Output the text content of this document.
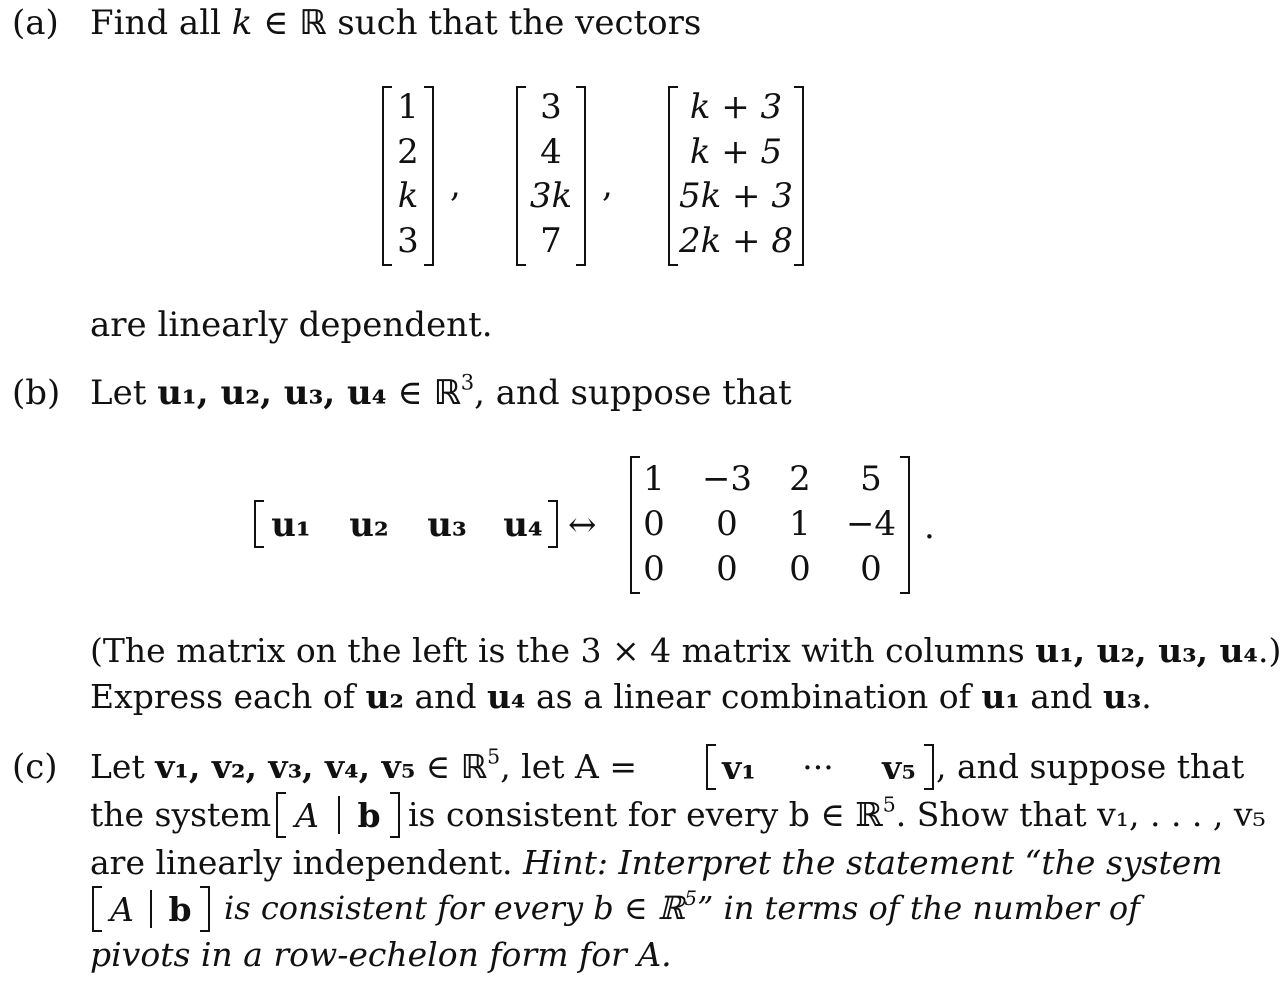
(a) Find all k ∈ ℝ such that the vectors
1
2
k
3
,
3
4
3k
7
,
k + 3
k + 5
5k + 3
2k + 8
are linearly dependent.
(b) Let u₁, u₂, u₃, u₄ ∈ ℝ$^3$, and suppose that
u₁	u₂	u₃	u₄ ↔
1 −3 2	5
0	0	1 −4
0	0	0	0
.
(The matrix on the left is the 3 × 4 matrix with columns u₁, u₂, u₃, u₄.)
Express each of u₂ and u₄ as a linear combination of u₁ and u₃.
(c) Let v₁, v₂, v₃, v₄, v₅ ∈ ℝ$^5$, let A =	v₁	···	v₅ , and suppose that
the system A	b is consistent for every b ∈ ℝ$^5$. Show that v₁, . . . , v₅
are linearly independent. Hint: Interpret the statement “the system
A	b	is consistent for every b ∈ ℝ$^5$” in terms of the number of
pivots in a row-echelon form for A.
